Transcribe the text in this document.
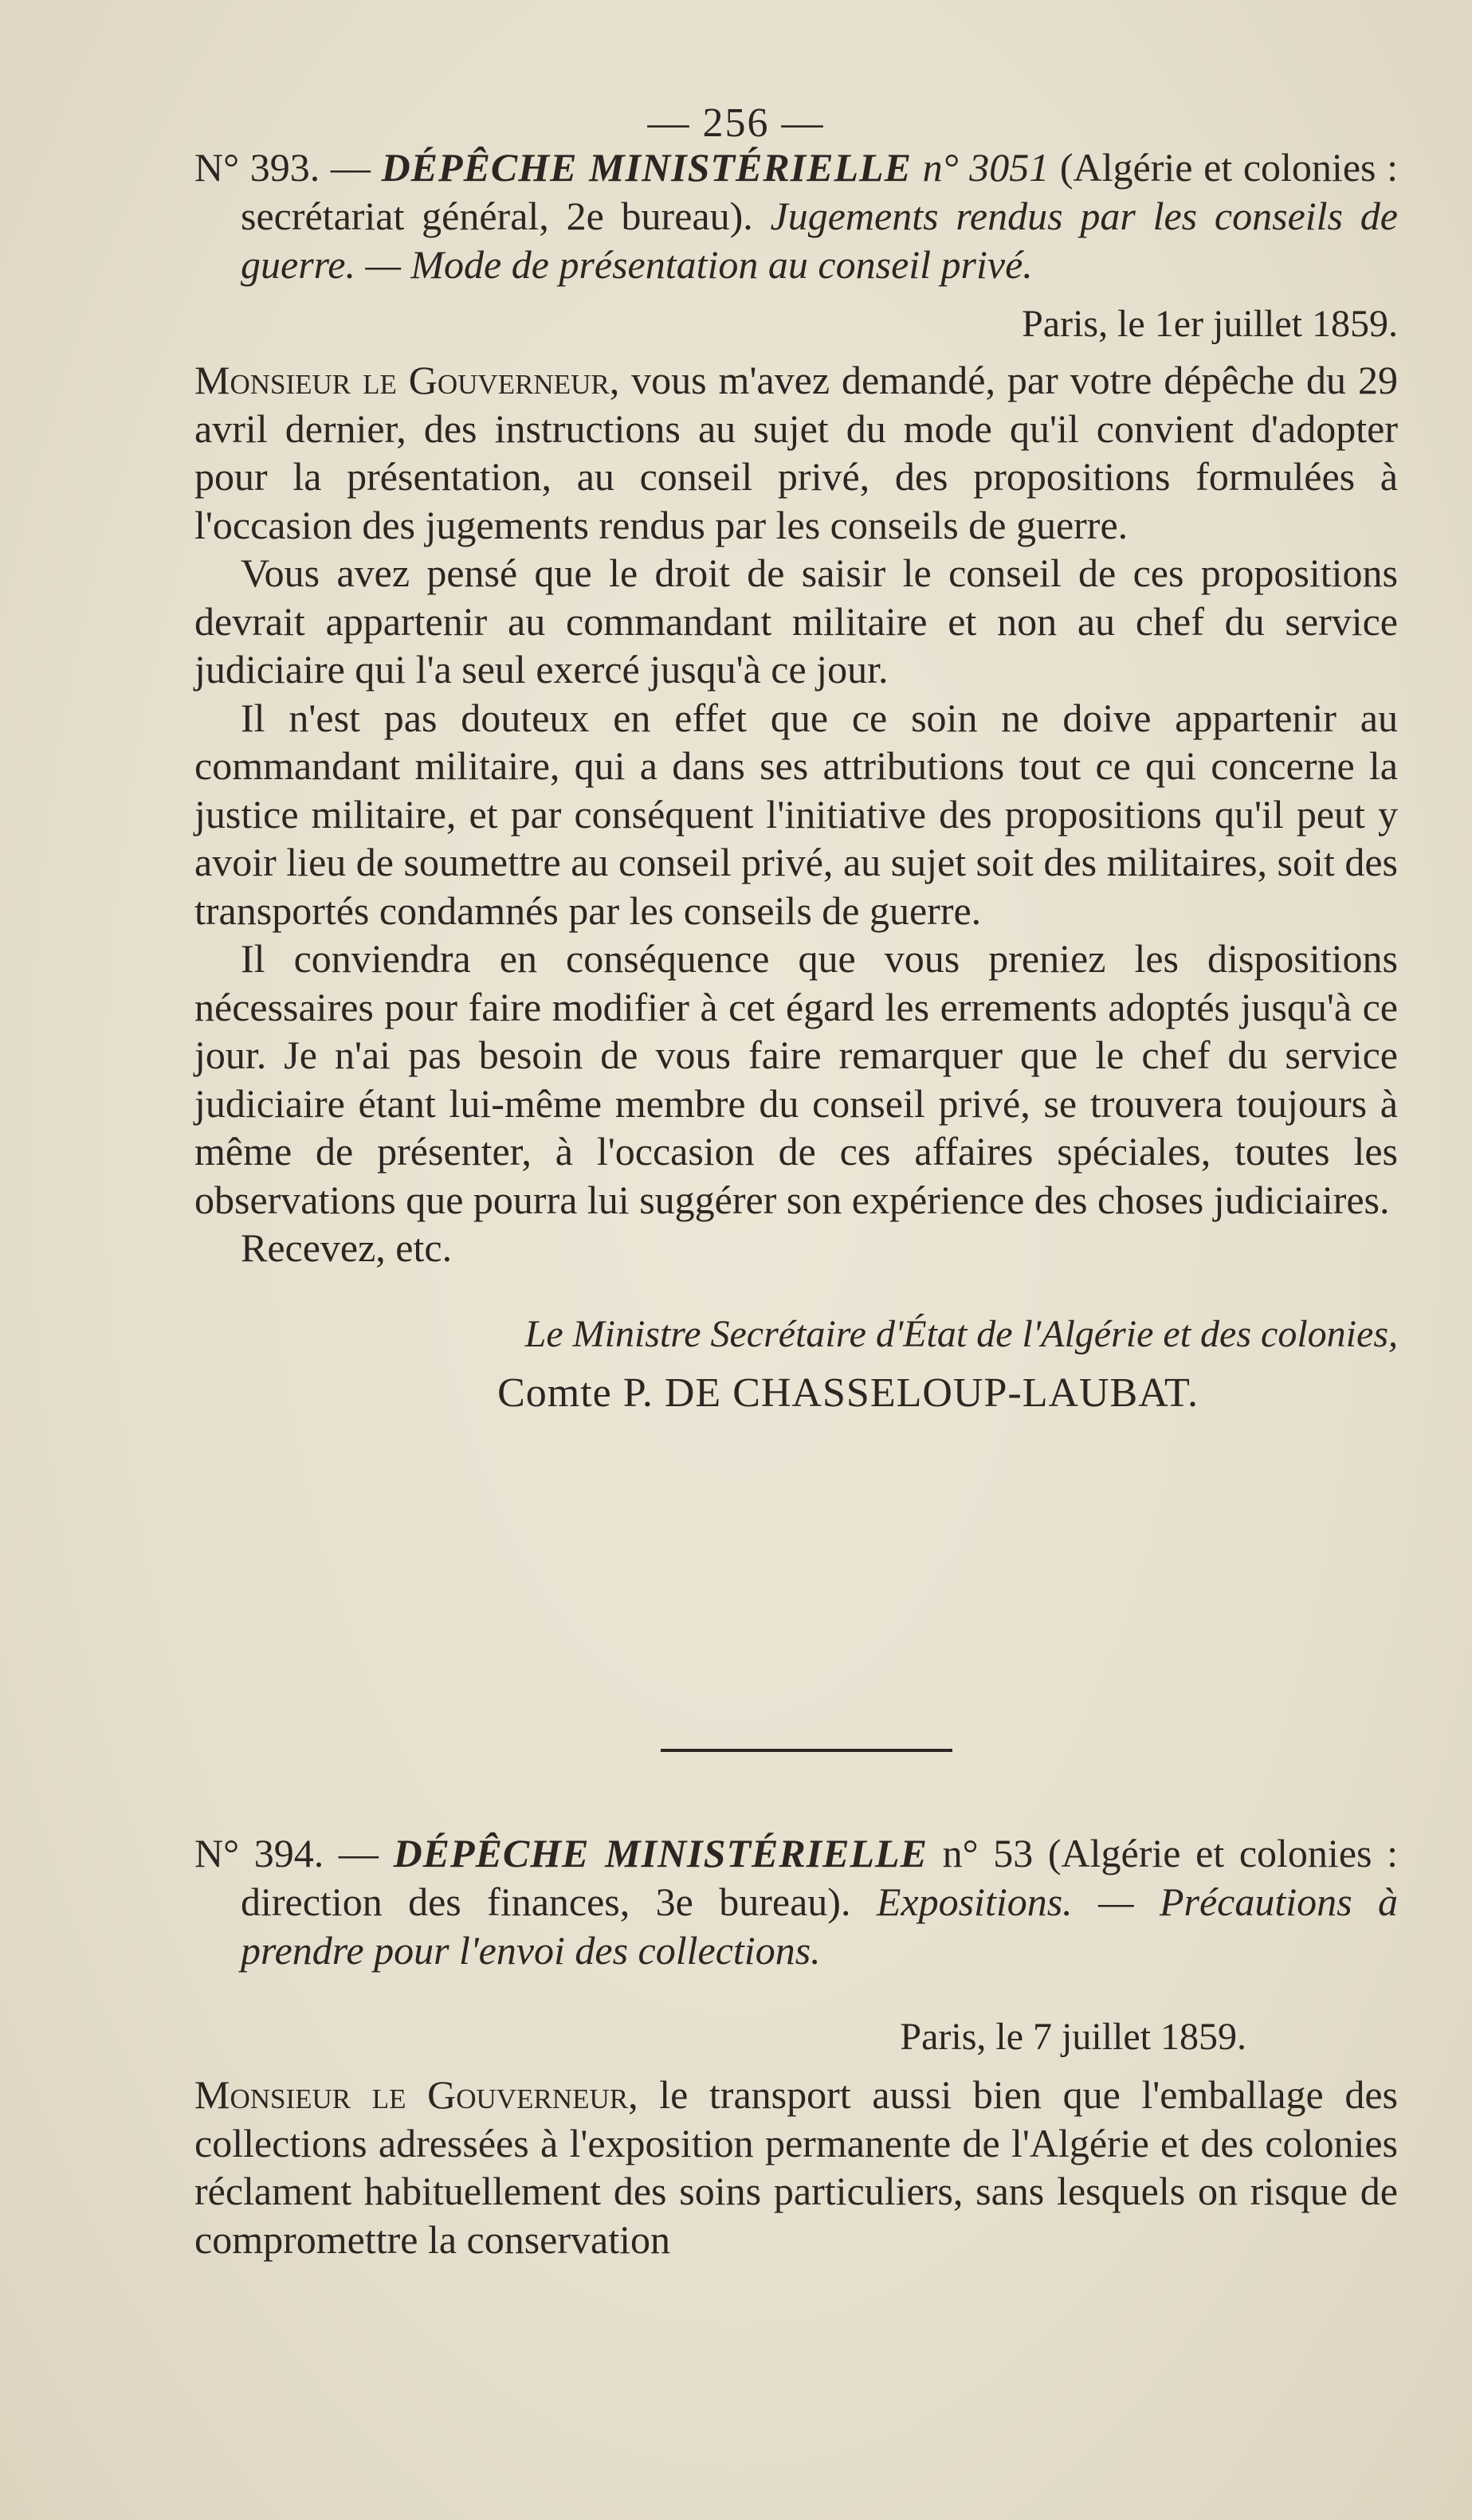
— 256 —

N° 393. — DÉPÊCHE MINISTÉRIELLE n° 3051 (Algérie et colonies : secrétariat général, 2e bureau). Jugements rendus par les conseils de guerre. — Mode de présentation au conseil privé.

Paris, le 1er juillet 1859.

Monsieur le Gouverneur, vous m'avez demandé, par votre dépêche du 29 avril dernier, des instructions au sujet du mode qu'il convient d'adopter pour la présentation, au conseil privé, des propositions formulées à l'occasion des jugements rendus par les conseils de guerre.

Vous avez pensé que le droit de saisir le conseil de ces propositions devrait appartenir au commandant militaire et non au chef du service judiciaire qui l'a seul exercé jusqu'à ce jour.

Il n'est pas douteux en effet que ce soin ne doive appartenir au commandant militaire, qui a dans ses attributions tout ce qui concerne la justice militaire, et par conséquent l'initiative des propositions qu'il peut y avoir lieu de soumettre au conseil privé, au sujet soit des militaires, soit des transportés condamnés par les conseils de guerre.

Il conviendra en conséquence que vous preniez les dispositions nécessaires pour faire modifier à cet égard les errements adoptés jusqu'à ce jour. Je n'ai pas besoin de vous faire remarquer que le chef du service judiciaire étant lui-même membre du conseil privé, se trouvera toujours à même de présenter, à l'occasion de ces affaires spéciales, toutes les observations que pourra lui suggérer son expérience des choses judiciaires.

Recevez, etc.

Le Ministre Secrétaire d'État de l'Algérie et des colonies,

Comte P. DE CHASSELOUP-LAUBAT.

N° 394. — DÉPÊCHE MINISTÉRIELLE n° 53 (Algérie et colonies : direction des finances, 3e bureau). Expositions. — Précautions à prendre pour l'envoi des collections.

Paris, le 7 juillet 1859.

Monsieur le Gouverneur, le transport aussi bien que l'emballage des collections adressées à l'exposition permanente de l'Algérie et des colonies réclament habituellement des soins particuliers, sans lesquels on risque de compromettre la conservation
